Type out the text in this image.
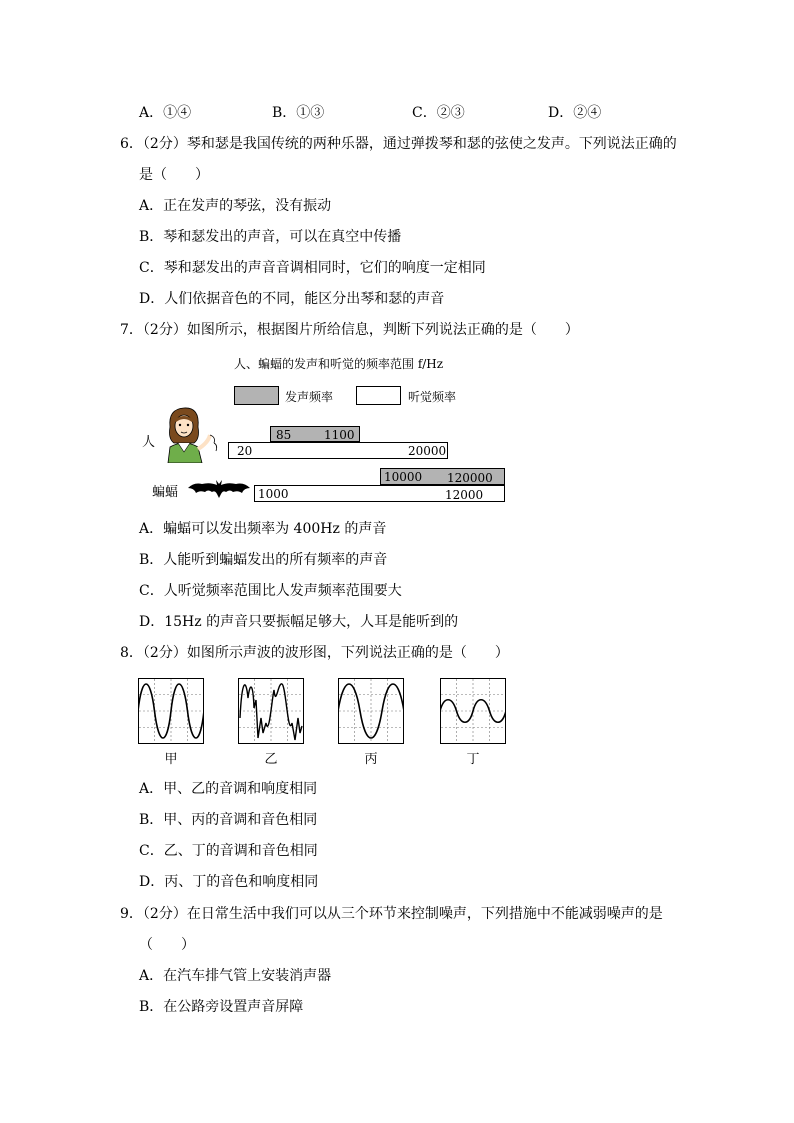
A．①④	B．①③	C．②③	D．②④
6．（2分）琴和瑟是我国传统的两种乐器，通过弹拨琴和瑟的弦使之发声。下列说法正确的
是（　　）
A．正在发声的琴弦，没有振动
B．琴和瑟发出的声音，可以在真空中传播
C．琴和瑟发出的声音音调相同时，它们的响度一定相同
D．人们依据音色的不同，能区分出琴和瑟的声音
7．（2分）如图所示，根据图片所给信息，判断下列说法正确的是（　　）
人、蝙蝠的发声和听觉的频率范围 f/Hz
发声频率	听觉频率
人	85	1100
20	20000
蝙蝠
10000 120000
1000	12000
A．蝙蝠可以发出频率为 400Hz 的声音
B．人能听到蝙蝠发出的所有频率的声音
C．人听觉频率范围比人发声频率范围要大
D．15Hz 的声音只要振幅足够大，人耳是能听到的
8．（2分）如图所示声波的波形图，下列说法正确的是（　　）
甲	乙	丙	丁
A．甲、乙的音调和响度相同
B．甲、丙的音调和音色相同
C．乙、丁的音调和音色相同
D．丙、丁的音色和响度相同
9．（2分）在日常生活中我们可以从三个环节来控制噪声，下列措施中不能减弱噪声的是
（　　）
A．在汽车排气管上安装消声器
B．在公路旁设置声音屏障
